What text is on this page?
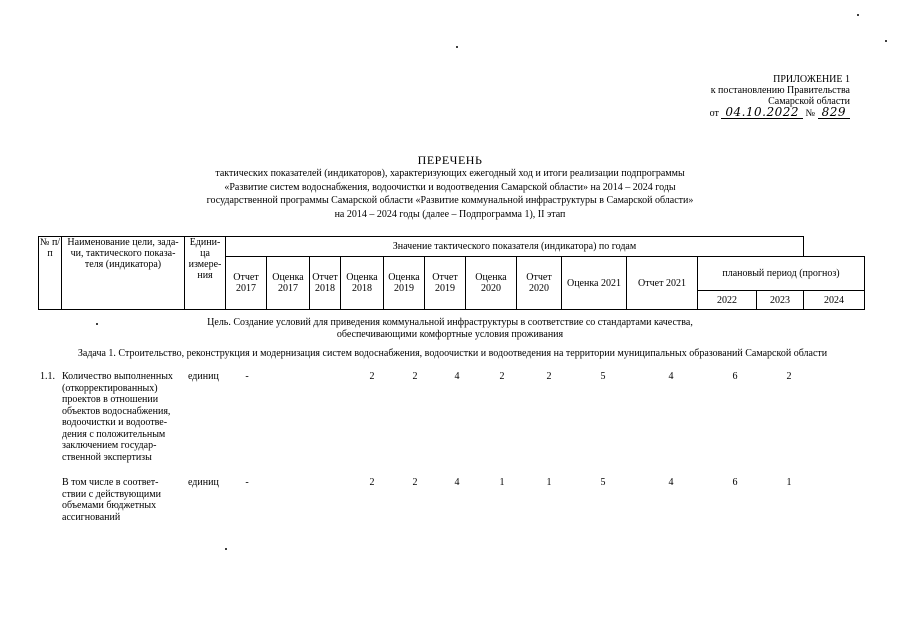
ПРИЛОЖЕНИЕ 1
к постановлению Правительства
Самарской области
от 04.10.2022 № 829
ПЕРЕЧЕНЬ
тактических показателей (индикаторов), характеризующих ежегодный ход и итоги реализации подпрограммы
«Развитие систем водоснабжения, водоочистки и водоотведения Самарской области» на 2014 – 2024 годы
государственной программы Самарской области «Развитие коммунальной инфраструктуры в Самарской области»
на 2014 – 2024 годы (далее – Подпрограмма 1), II этап
№ п/п	Наименование цели, зада-чи, тактического показа-теля (индикатора)	Едини-ца измере-ния	Значение тактического показателя (индикатора) по годам												
			Отчет 2017	Оценка 2017	Отчет 2018	Оценка 2018	Оценка 2019	Отчет 2019	Оценка 2020	Отчет 2020	Оценка 2021	Отчет 2021	плановый период (прогноз)		
													2022	2023	2024
Цель. Создание условий для приведения коммунальной инфраструктуры в соответствие со стандартами качества,
обеспечивающими комфортные условия проживания
Задача 1. Строительство, реконструкция и модернизация систем водоснабжения, водоочистки и водоотведения на территории муниципальных образований Самарской области
1.1. Количество выполненных
(откорректированных)
проектов в отношении
объектов водоснабжения,
водоочистки и водоотве-
дения с положительным
заключением государ-
ственной экспертизы
единиц	-	2	2	4	2	2	5	4	6	2
В том числе в соответ-
ствии с действующими
объемами бюджетных
ассигнований
единиц	-	2	2	4	1	1	5	4	6	1
